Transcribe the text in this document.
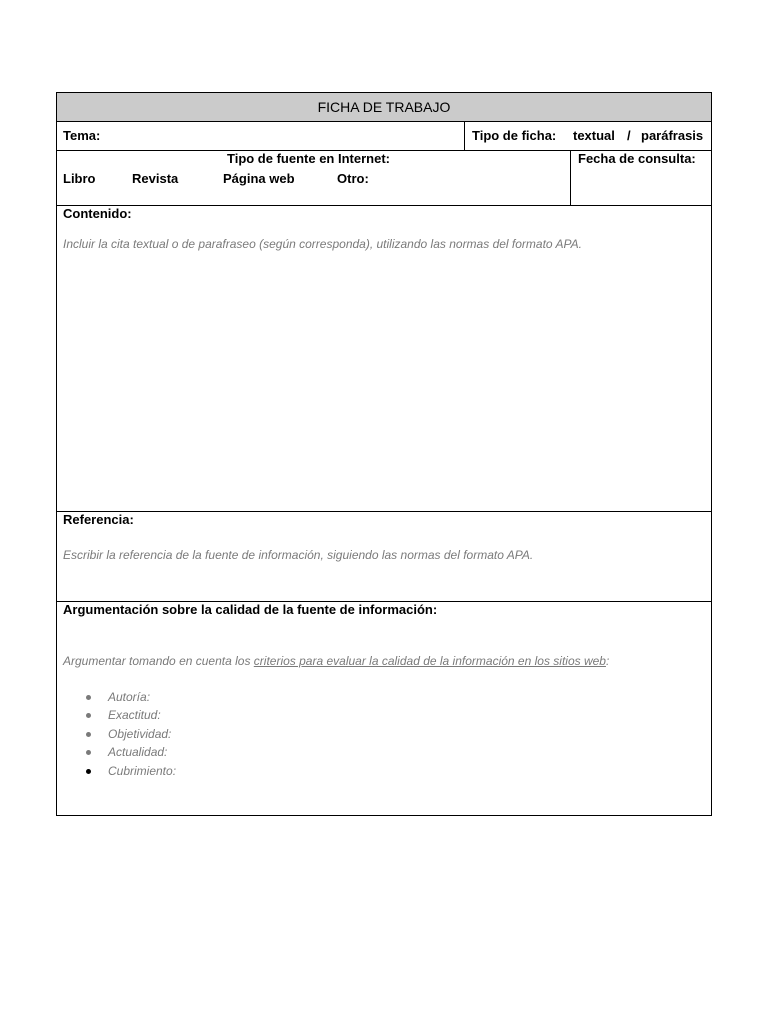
FICHA DE TRABAJO
Tema:	Tipo de ficha: textual / paráfrasis
Tipo de fuente en Internet:
Libro	Revista	Página web	Otro:
Fecha de consulta:
Contenido:
Incluir la cita textual o de parafraseo (según corresponda), utilizando las normas del formato APA.
Referencia:
Escribir la referencia de la fuente de información, siguiendo las normas del formato APA.
Argumentación sobre la calidad de la fuente de información:
Argumentar tomando en cuenta los criterios para evaluar la calidad de la información en los sitios web:
Autoría:
Exactitud:
Objetividad:
Actualidad:
Cubrimiento:
